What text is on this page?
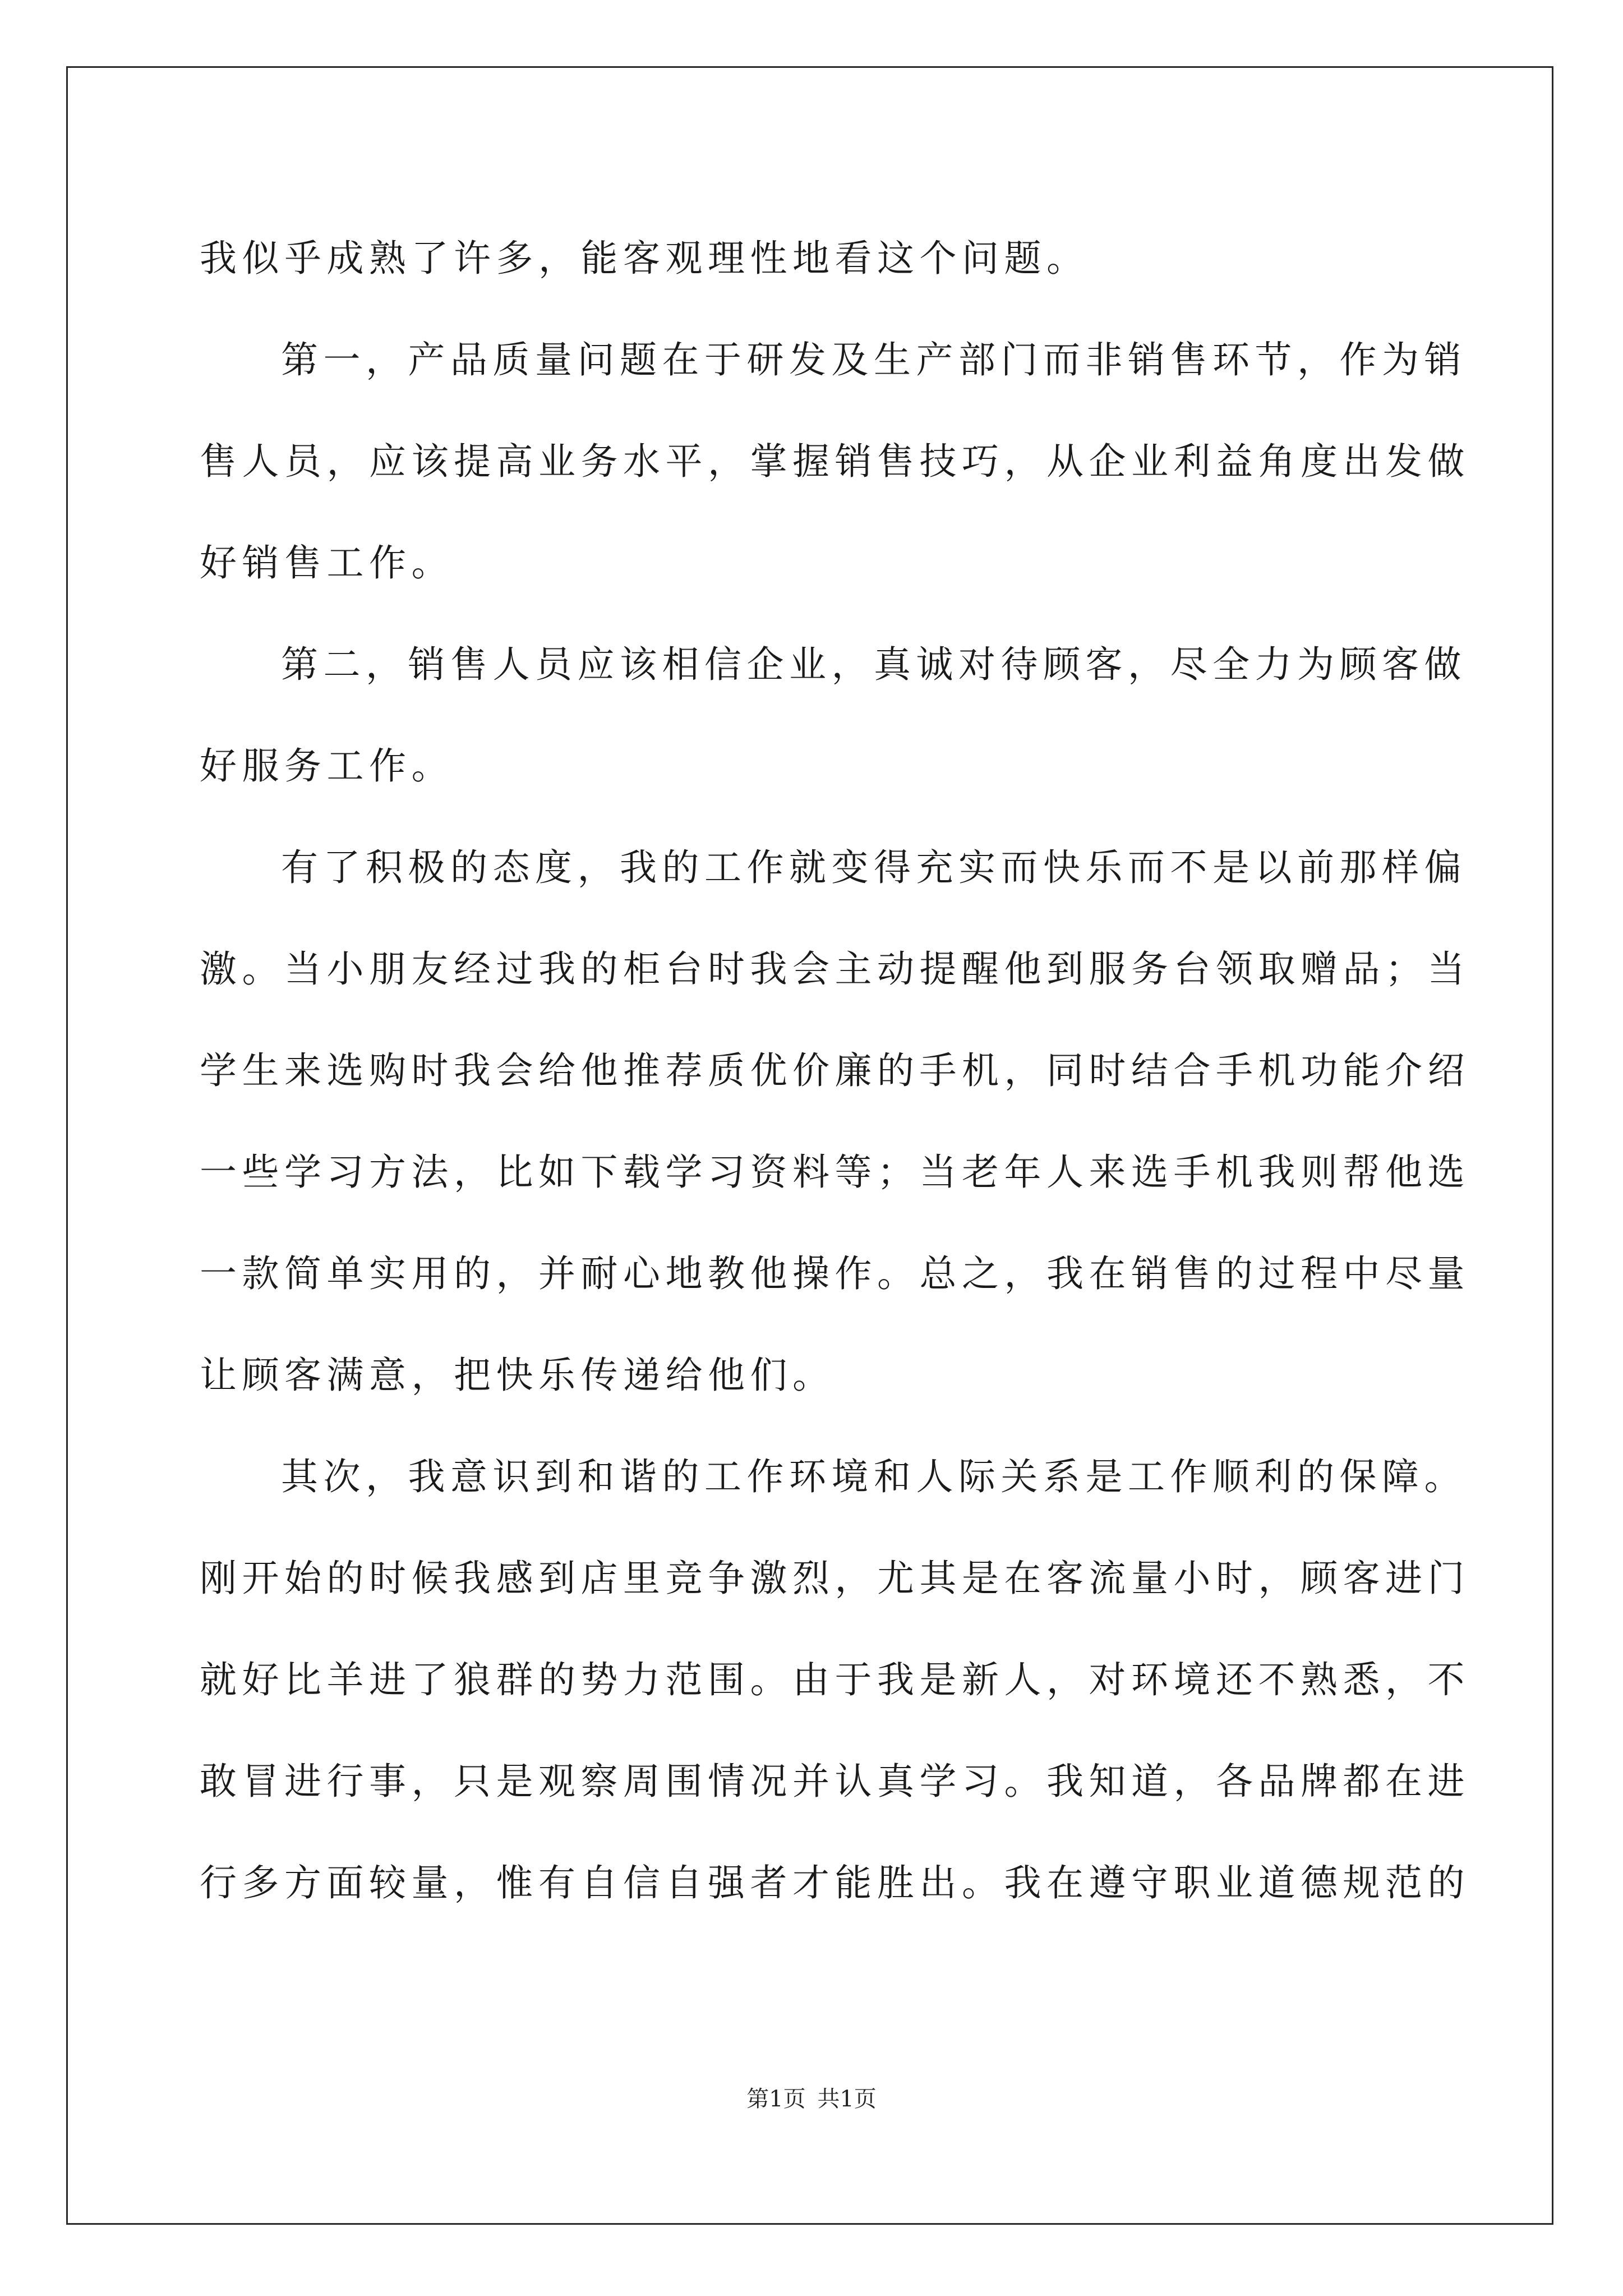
我似乎成熟了许多，能客观理性地看这个问题。
第一，产品质量问题在于研发及生产部门而非销售环节，作为销
售人员，应该提高业务水平，掌握销售技巧，从企业利益角度出发做
好销售工作。
第二，销售人员应该相信企业，真诚对待顾客，尽全力为顾客做
好服务工作。
有了积极的态度，我的工作就变得充实而快乐而不是以前那样偏
激。当小朋友经过我的柜台时我会主动提醒他到服务台领取赠品；当
学生来选购时我会给他推荐质优价廉的手机，同时结合手机功能介绍
一些学习方法，比如下载学习资料等；当老年人来选手机我则帮他选
一款简单实用的，并耐心地教他操作。总之，我在销售的过程中尽量
让顾客满意，把快乐传递给他们。
其次，我意识到和谐的工作环境和人际关系是工作顺利的保障。
刚开始的时候我感到店里竞争激烈，尤其是在客流量小时，顾客进门
就好比羊进了狼群的势力范围。由于我是新人，对环境还不熟悉，不
敢冒进行事，只是观察周围情况并认真学习。我知道，各品牌都在进
行多方面较量，惟有自信自强者才能胜出。我在遵守职业道德规范的
第1页 共1页
